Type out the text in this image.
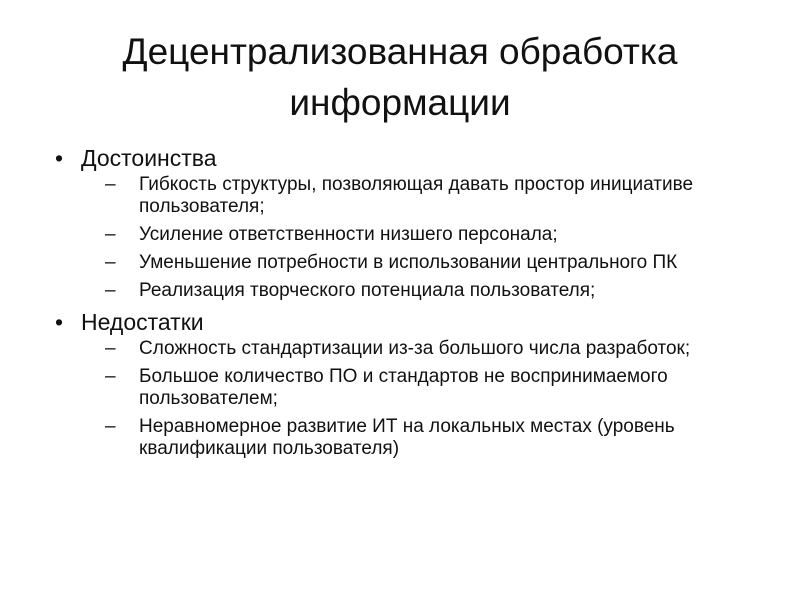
Децентрализованная обработка информации
• Достоинства
– Гибкость структуры, позволяющая давать простор инициативе пользователя;
– Усиление ответственности низшего персонала;
– Уменьшение потребности в использовании центрального ПК
– Реализация творческого потенциала пользователя;
• Недостатки
– Сложность стандартизации из-за большого числа разработок;
– Большое количество ПО и стандартов не воспринимаемого пользователем;
– Неравномерное развитие ИТ на локальных местах (уровень квалификации пользователя)
